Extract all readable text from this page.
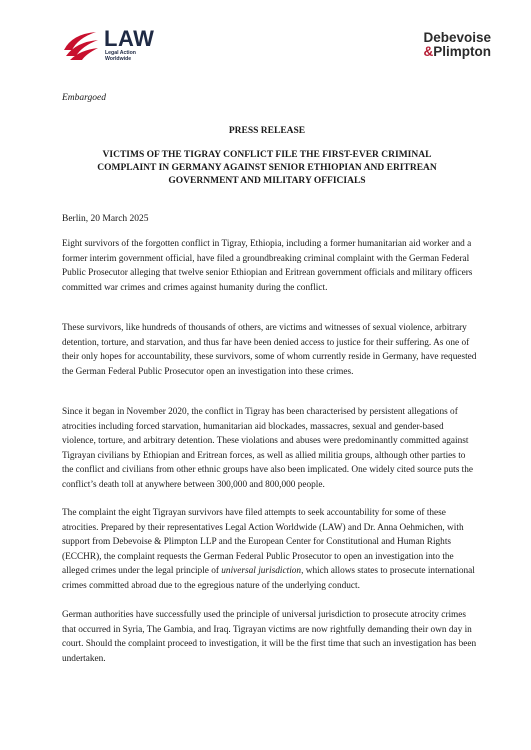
LAW
Legal Action
Worldwide
Debevoise
&Plimpton
Embargoed
PRESS RELEASE
VICTIMS OF THE TIGRAY CONFLICT FILE THE FIRST-EVER CRIMINAL
COMPLAINT IN GERMANY AGAINST SENIOR ETHIOPIAN AND ERITREAN
GOVERNMENT AND MILITARY OFFICIALS
Berlin, 20 March 2025

Eight survivors of the forgotten conflict in Tigray, Ethiopia, including a former humanitarian aid worker and a former interim government official, have filed a groundbreaking criminal complaint with the German Federal Public Prosecutor alleging that twelve senior Ethiopian and Eritrean government officials and military officers committed war crimes and crimes against humanity during the conflict.

These survivors, like hundreds of thousands of others, are victims and witnesses of sexual violence, arbitrary detention, torture, and starvation, and thus far have been denied access to justice for their suffering. As one of their only hopes for accountability, these survivors, some of whom currently reside in Germany, have requested the German Federal Public Prosecutor open an investigation into these crimes.

Since it began in November 2020, the conflict in Tigray has been characterised by persistent allegations of atrocities including forced starvation, humanitarian aid blockades, massacres, sexual and gender-based violence, torture, and arbitrary detention. These violations and abuses were predominantly committed against Tigrayan civilians by Ethiopian and Eritrean forces, as well as allied militia groups, although other parties to the conflict and civilians from other ethnic groups have also been implicated. One widely cited source puts the conflict’s death toll at anywhere between 300,000 and 800,000 people.

The complaint the eight Tigrayan survivors have filed attempts to seek accountability for some of these atrocities. Prepared by their representatives Legal Action Worldwide (LAW) and Dr. Anna Oehmichen, with support from Debevoise & Plimpton LLP and the European Center for Constitutional and Human Rights (ECCHR), the complaint requests the German Federal Public Prosecutor to open an investigation into the alleged crimes under the legal principle of universal jurisdiction, which allows states to prosecute international crimes committed abroad due to the egregious nature of the underlying conduct.

German authorities have successfully used the principle of universal jurisdiction to prosecute atrocity crimes that occurred in Syria, The Gambia, and Iraq. Tigrayan victims are now rightfully demanding their own day in court. Should the complaint proceed to investigation, it will be the first time that such an investigation has been undertaken.
